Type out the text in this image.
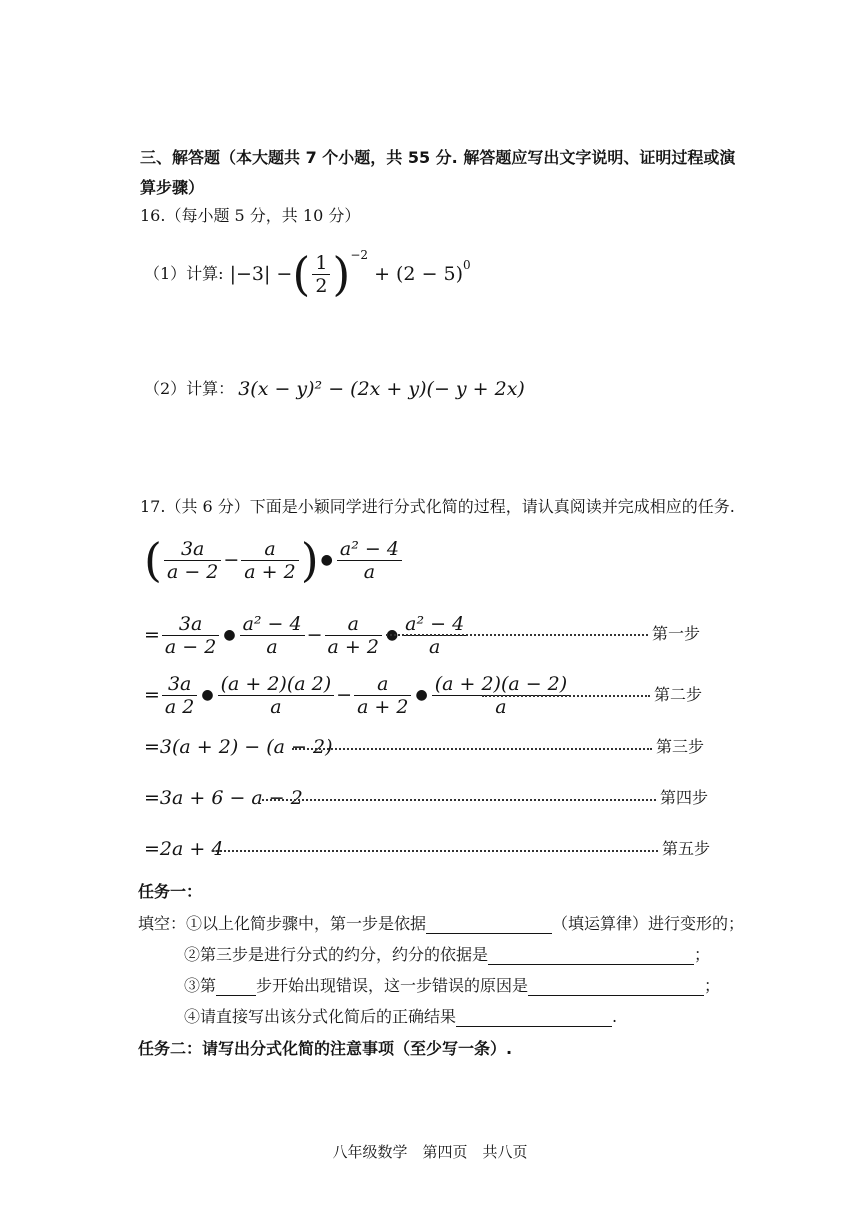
三、解答题（本大题共 7 个小题，共 55 分. 解答题应写出文字说明、证明过程或演算步骤）
16.（每小题 5 分，共 10 分）
（1）计算: |−3| − ( $\frac{1}{2} )^{-2}$
+ $(2 - 5)^0$
（2）计算： 3(x − y)² − (2x + y)(− y + 2x)
17.（共 6 分）下面是小颖同学进行分式化简的过程，请认真阅读并完成相应的任务.
( $\frac{3a}{a - 2} - \frac{a}{a + 2}$ ) ● $\frac{\text{a² − 4}}{a}$
= $\frac{3a}{a - 2}$ ● $\frac{\text{a² − 4}}{a} - \frac{a}{a + 2}$ ● $\frac{\text{a² − 4}}{a}$	第一步
= $\frac{3a}{a 2}$ ● $\frac{(a + 2)(a 2)}{a} - \frac{a}{a + 2}$ ● $\frac{(a + 2)(a - 2)}{a}$	第二步
=3(a + 2) − (a − 2)	第三步
=3a + 6 − a − 2	第四步
=2a + 4	第五步
任务一：
填空：①以上化简步骤中，第一步是依据	（填运算律）进行变形的；
②第三步是进行分式的约分，约分的依据是	；
③第	步开始出现错误，这一步错误的原因是	；
④请直接写出该分式化简后的正确结果	.
任务二：请写出分式化简的注意事项（至少写一条）.
八年级数学　第四页　共八页
